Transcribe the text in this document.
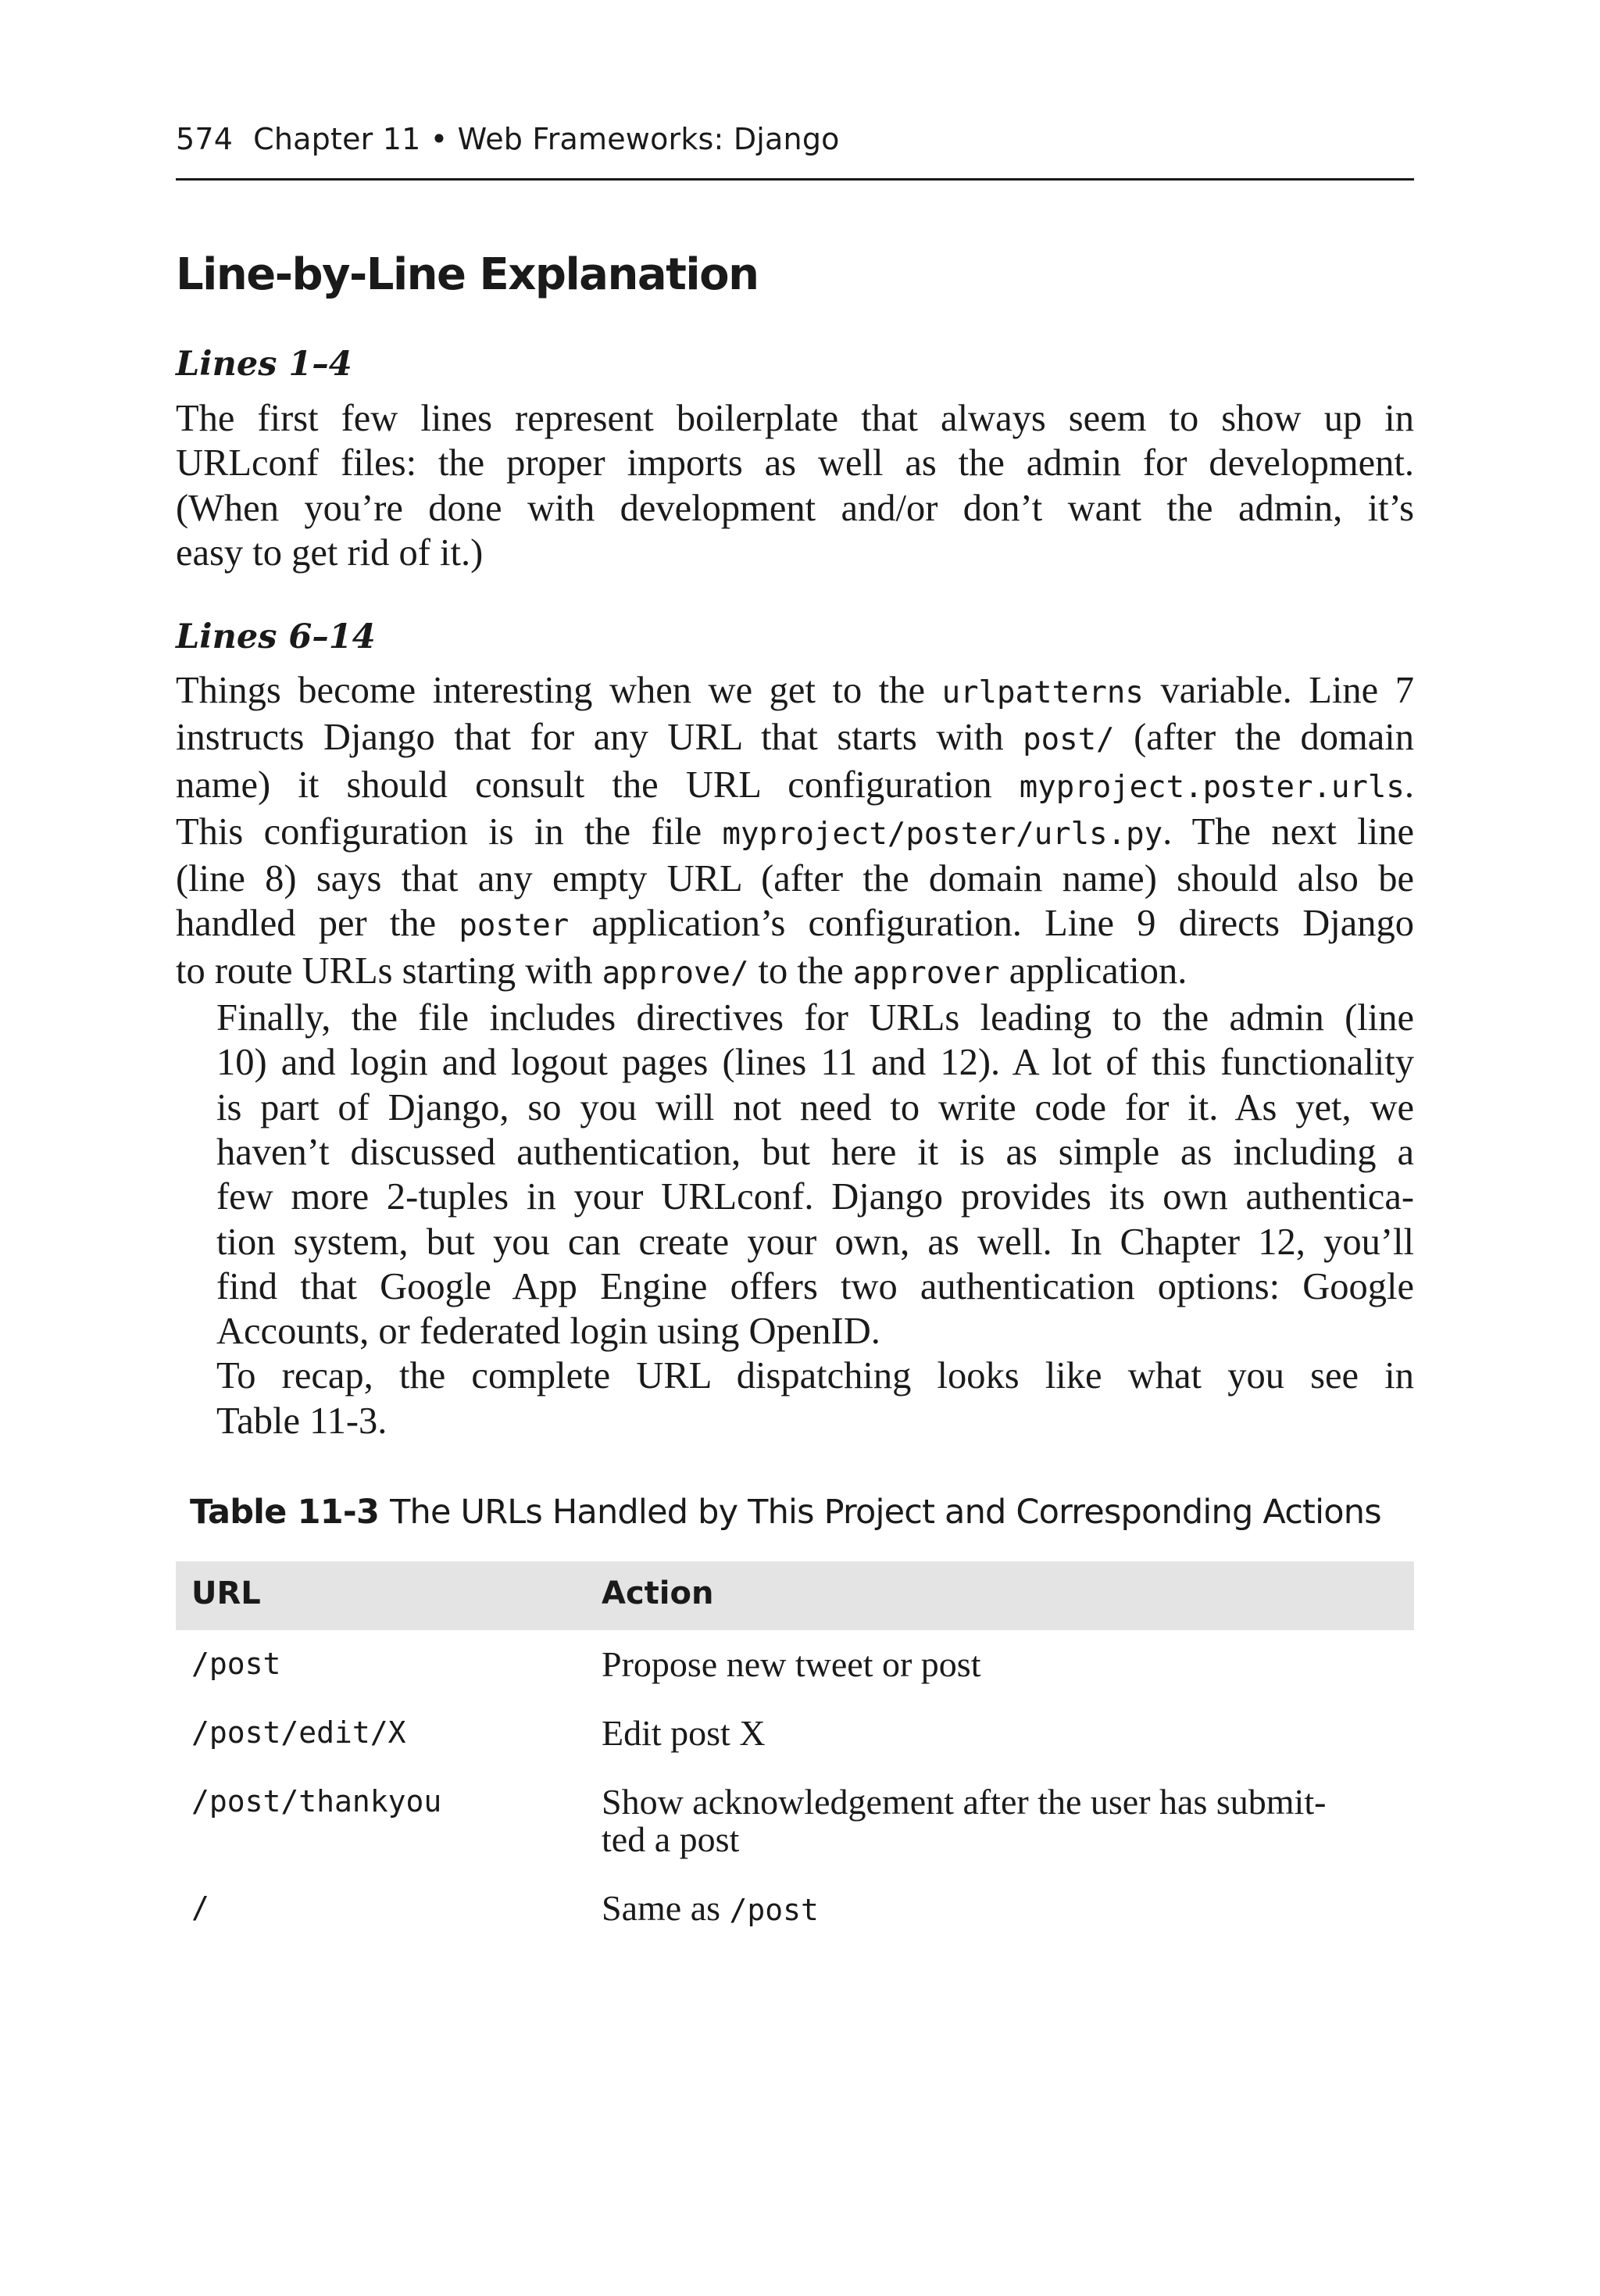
574 Chapter 11 • Web Frameworks: Django
Line-by-Line Explanation
Lines 1–4

The first few lines represent boilerplate that always seem to show up in
URLconf files: the proper imports as well as the admin for development.
(When you’re done with development and/or don’t want the admin, it’s
easy to get rid of it.)

Lines 6–14

Things become interesting when we get to the urlpatterns variable. Line 7
instructs Django that for any URL that starts with post/ (after the domain
name) it should consult the URL configuration myproject.poster.urls.
This configuration is in the file myproject/poster/urls.py. The next line
(line 8) says that any empty URL (after the domain name) should also be
handled per the poster application’s configuration. Line 9 directs Django
to route URLs starting with approve/ to the approver application.

Finally, the file includes directives for URLs leading to the admin (line
10) and login and logout pages (lines 11 and 12). A lot of this functionality
is part of Django, so you will not need to write code for it. As yet, we
haven’t discussed authentication, but here it is as simple as including a
few more 2-tuples in your URLconf. Django provides its own authentica-
tion system, but you can create your own, as well. In Chapter 12, you’ll
find that Google App Engine offers two authentication options: Google
Accounts, or federated login using OpenID.

To recap, the complete URL dispatching looks like what you see in
Table 11-3.

Table 11-3 The URLs Handled by This Project and Corresponding Actions
URL	Action
/post	Propose new tweet or post
/post/edit/X	Edit post X
/post/thankyou	Show acknowledgement after the user has submit-
ted a post
/	Same as /post
